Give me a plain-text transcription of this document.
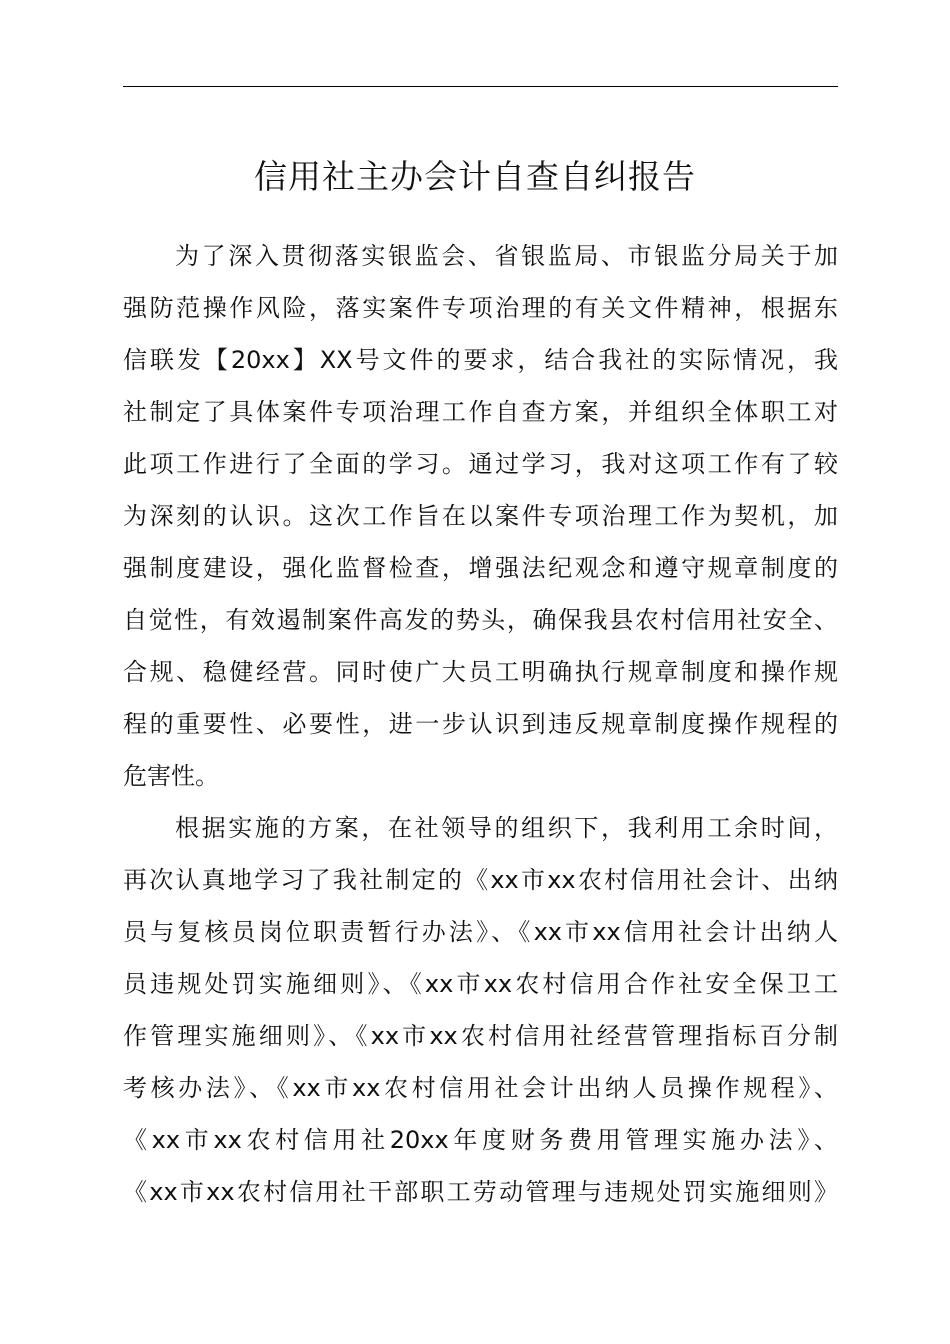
信用社主办会计自查自纠报告
为了深入贯彻落实银监会、省银监局、市银监分局关于加
强防范操作风险，落实案件专项治理的有关文件精神，根据东
信联发【20xx】XX号文件的要求，结合我社的实际情况，我
社制定了具体案件专项治理工作自查方案，并组织全体职工对
此项工作进行了全面的学习。通过学习，我对这项工作有了较
为深刻的认识。这次工作旨在以案件专项治理工作为契机，加
强制度建设，强化监督检查，增强法纪观念和遵守规章制度的
自觉性，有效遏制案件高发的势头，确保我县农村信用社安全、
合规、稳健经营。同时使广大员工明确执行规章制度和操作规
程的重要性、必要性，进一步认识到违反规章制度操作规程的
危害性。
根据实施的方案，在社领导的组织下，我利用工余时间，
再次认真地学习了我社制定的《xx市xx农村信用社会计、出纳
员与复核员岗位职责暂行办法》、《xx市xx信用社会计出纳人
员违规处罚实施细则》、《xx市xx农村信用合作社安全保卫工
作管理实施细则》、《xx市xx农村信用社经营管理指标百分制
考核办法》、《xx市xx农村信用社会计出纳人员操作规程》、
《xx市xx农村信用社20xx年度财务费用管理实施办法》、
《xx市xx农村信用社干部职工劳动管理与违规处罚实施细则》
